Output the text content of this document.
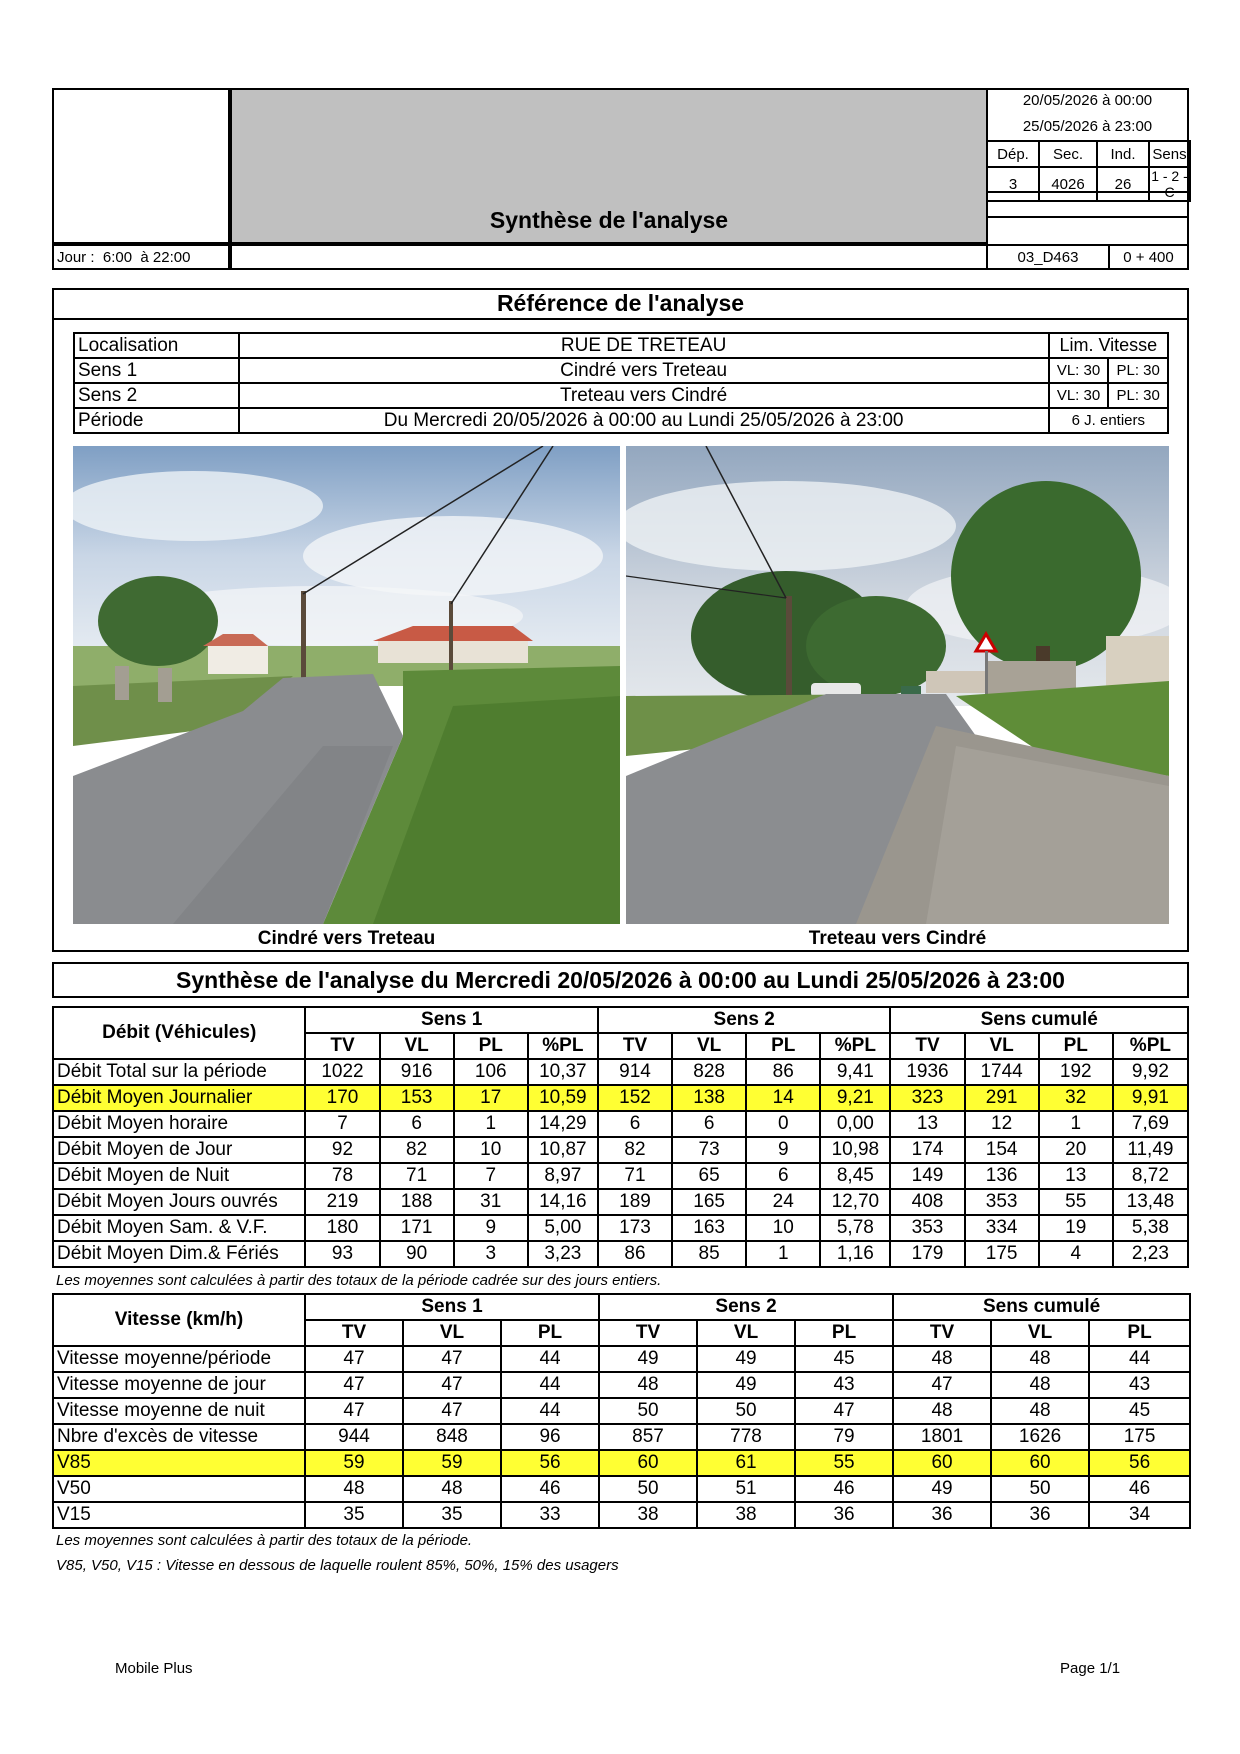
Synthèse de l'analyse
20/05/2026 à 00:00
25/05/2026 à 23:00
Dép.	Sec.	Ind.	Sens
3	4026	26	1 - 2 - C
Jour :
6:00
à
22:00	03_D463	0 + 400
Référence de l'analyse
Localisation	RUE DE TRETEAU	Lim. Vitesse	
Sens 1	Cindré vers Treteau	VL: 30	PL: 30
Sens 2	Treteau vers Cindré	VL: 30	PL: 30
Période	Du Mercredi 20/05/2026 à 00:00 au Lundi 25/05/2026 à 23:00	6 J. entiers	
Cindré vers Treteau	Treteau vers Cindré
Synthèse de l'analyse du Mercredi 20/05/2026 à 00:00 au Lundi 25/05/2026 à 23:00
Débit (Véhicules)	Sens 1				Sens 2				Sens cumulé			
	TV	VL	PL	%PL	TV	VL	PL	%PL	TV	VL	PL	%PL
Débit Total sur la période	1022	916	106	10,37	914	828	86	9,41	1936	1744	192	9,92
Débit Moyen Journalier	170	153	17	10,59	152	138	14	9,21	323	291	32	9,91
Débit Moyen horaire	7	6	1	14,29	6	6	0	0,00	13	12	1	7,69
Débit Moyen de Jour	92	82	10	10,87	82	73	9	10,98	174	154	20	11,49
Débit Moyen de Nuit	78	71	7	8,97	71	65	6	8,45	149	136	13	8,72
Débit Moyen Jours ouvrés	219	188	31	14,16	189	165	24	12,70	408	353	55	13,48
Débit Moyen Sam. & V.F.	180	171	9	5,00	173	163	10	5,78	353	334	19	5,38
Débit Moyen Dim.& Fériés	93	90	3	3,23	86	85	1	1,16	179	175	4	2,23
Les moyennes sont calculées à partir des totaux de la période cadrée sur des jours entiers.
Vitesse (km/h)	Sens 1			Sens 2			Sens cumulé		
	TV	VL	PL	TV	VL	PL	TV	VL	PL
Vitesse moyenne/période	47	47	44	49	49	45	48	48	44
Vitesse moyenne de jour	47	47	44	48	49	43	47	48	43
Vitesse moyenne de nuit	47	47	44	50	50	47	48	48	45
Nbre d'excès de vitesse	944	848	96	857	778	79	1801	1626	175
V85	59	59	56	60	61	55	60	60	56
V50	48	48	46	50	51	46	49	50	46
V15	35	35	33	38	38	36	36	36	34
Les moyennes sont calculées à partir des totaux de la période.
V85, V50, V15 : Vitesse en dessous de laquelle roulent 85%, 50%, 15% des usagers
Mobile Plus	Page 1/1
